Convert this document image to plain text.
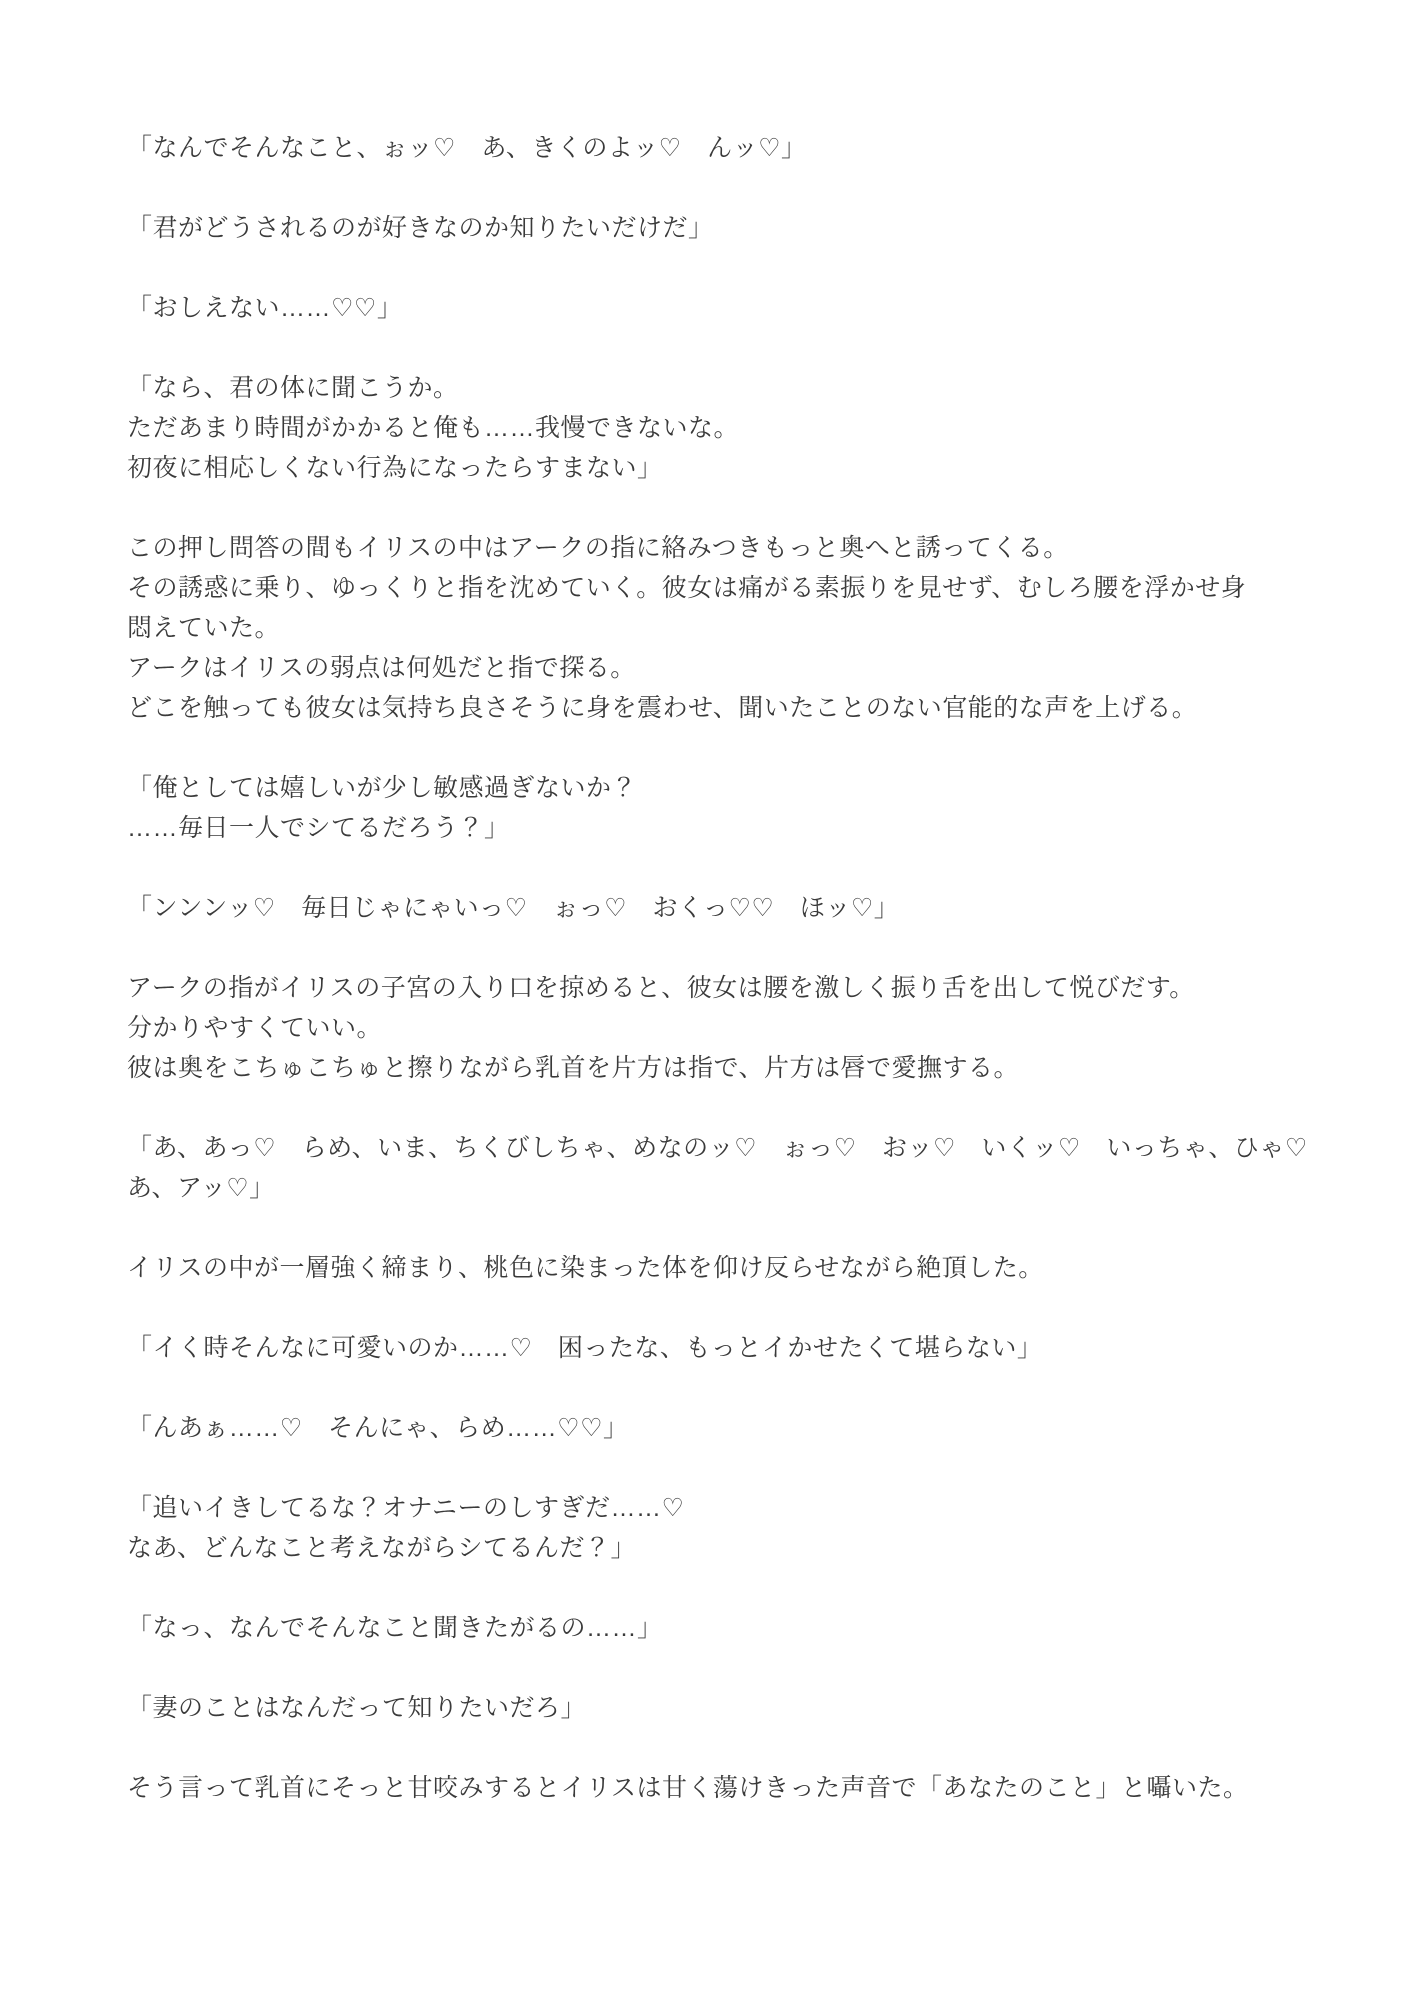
「なんでそんなこと、ぉッ♡　あ、きくのよッ♡　んッ♡」

「君がどうされるのが好きなのか知りたいだけだ」

「おしえない……♡♡」

「なら、君の体に聞こうか。
ただあまり時間がかかると俺も……我慢できないな。
初夜に相応しくない行為になったらすまない」

この押し問答の間もイリスの中はアークの指に絡みつきもっと奥へと誘ってくる。
その誘惑に乗り、ゆっくりと指を沈めていく。彼女は痛がる素振りを見せず、むしろ腰を浮かせ身
悶えていた。
アークはイリスの弱点は何処だと指で探る。
どこを触っても彼女は気持ち良さそうに身を震わせ、聞いたことのない官能的な声を上げる。

「俺としては嬉しいが少し敏感過ぎないか？
……毎日一人でシてるだろう？」

「ンンンッ♡　毎日じゃにゃいっ♡　ぉっ♡　おくっ♡♡　ほッ♡」

アークの指がイリスの子宮の入り口を掠めると、彼女は腰を激しく振り舌を出して悦びだす。
分かりやすくていい。
彼は奥をこちゅこちゅと擦りながら乳首を片方は指で、片方は唇で愛撫する。

「あ、あっ♡　らめ、いま、ちくびしちゃ、めなのッ♡　ぉっ♡　おッ♡　いくッ♡　いっちゃ、ひゃ♡
あ、アッ♡」

イリスの中が一層強く締まり、桃色に染まった体を仰け反らせながら絶頂した。

「イく時そんなに可愛いのか……♡　困ったな、もっとイかせたくて堪らない」

「んあぁ……♡　そんにゃ、らめ……♡♡」

「追いイきしてるな？オナニーのしすぎだ……♡
なあ、どんなこと考えながらシてるんだ？」

「なっ、なんでそんなこと聞きたがるの……」

「妻のことはなんだって知りたいだろ」

そう言って乳首にそっと甘咬みするとイリスは甘く蕩けきった声音で「あなたのこと」と囁いた。
